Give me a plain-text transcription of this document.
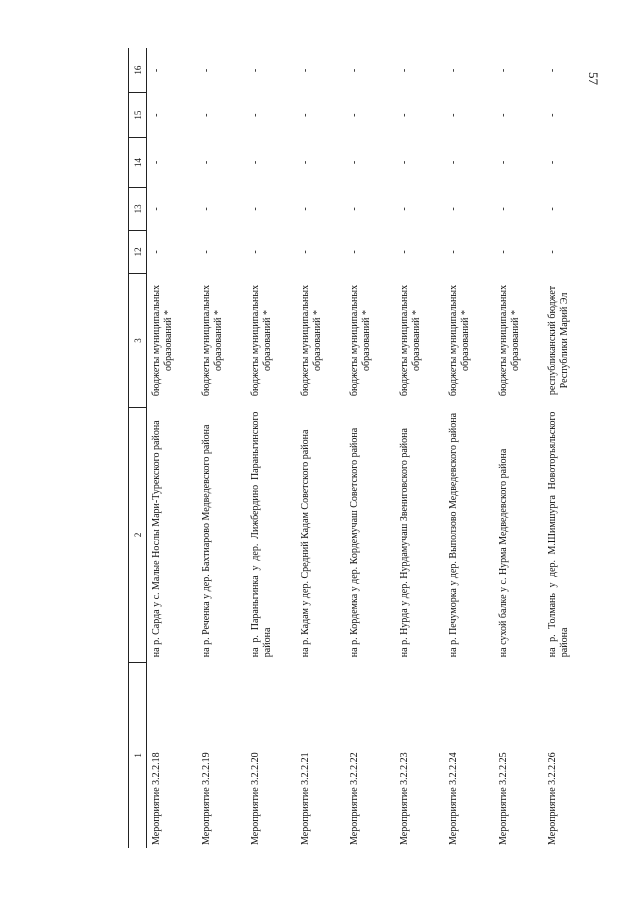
57
1	2	3	12	13	14	15	16
Мероприятие 3.2.2.18	на р. Сарда у с. Малые Нослы Мари-Турекского района	бюджеты муниципальных образований *	-	-	-	-	-
Мероприятие 3.2.2.19	на р. Реченка у дер. Бахтиарово Медведевского района	бюджеты муниципальных образований *	-	-	-	-	-
Мероприятие 3.2.2.20	на р. Параньгинка у дер. Лижбердино Параньгинского района	бюджеты муниципальных образований *	-	-	-	-	-
Мероприятие 3.2.2.21	на р. Кадам у дер. Средний Кадам Советского района	бюджеты муниципальных образований *	-	-	-	-	-
Мероприятие 3.2.2.22	на р. Кордемка у дер. Кордемучаш Советского района	бюджеты муниципальных образований *	-	-	-	-	-
Мероприятие 3.2.2.23	на р. Нурда у дер. Нурдамучаш Звениговского района	бюджеты муниципальных образований *	-	-	-	-	-
Мероприятие 3.2.2.24	на р. Печуморка у дер. Выползово Медведевского района	бюджеты муниципальных образований *	-	-	-	-	-
Мероприятие 3.2.2.25	на сухой балке у с. Нурма Медведевского района	бюджеты муниципальных образований *	-	-	-	-	-
Мероприятие 3.2.2.26	на р. Толмань у дер. М.Шимшурга Новоторъяльского района	республиканский бюджет Республики Марий Эл	-	-	-	-	-
